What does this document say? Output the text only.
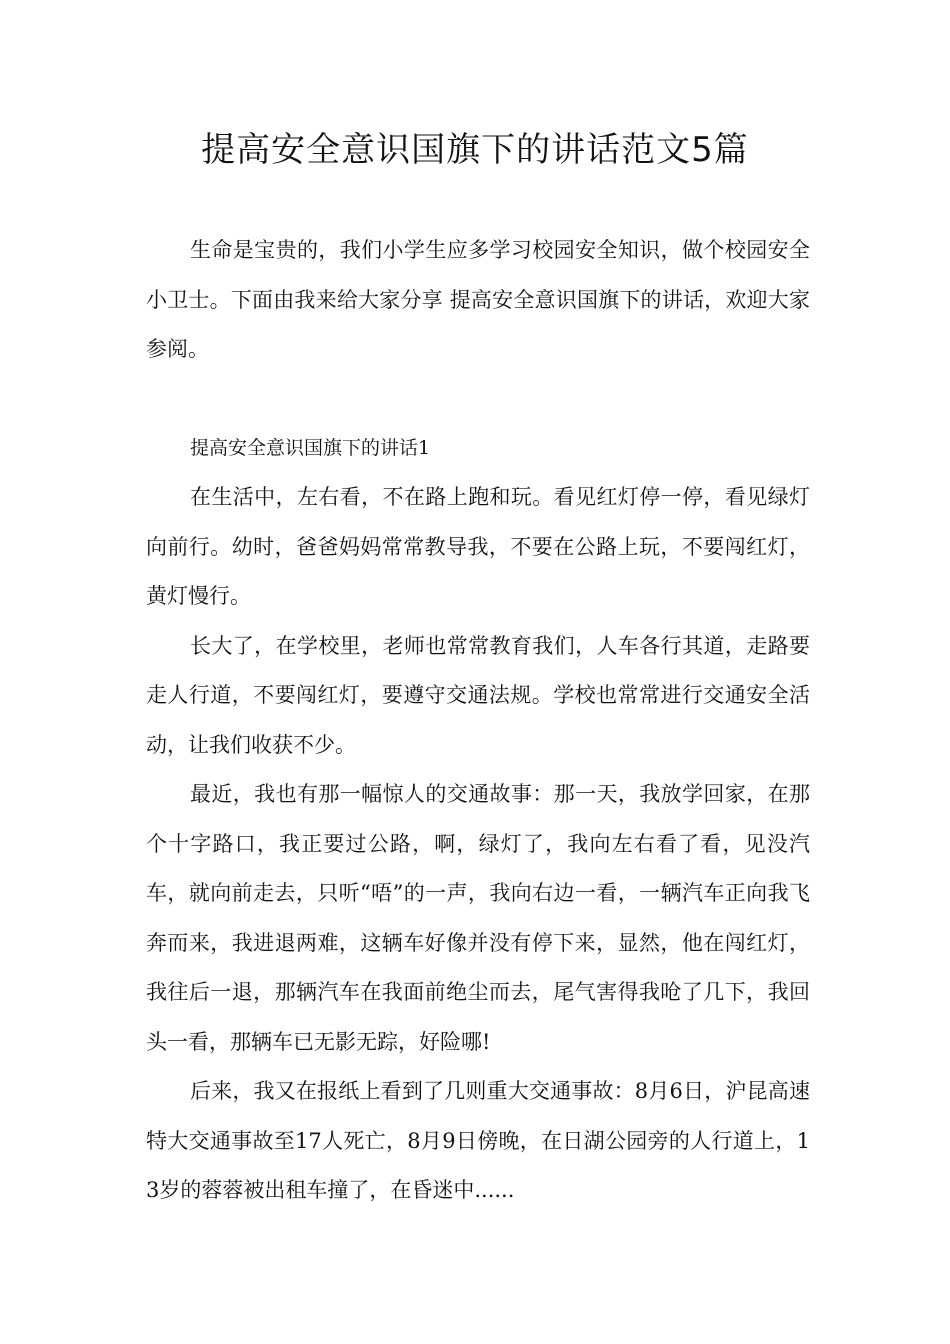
提高安全意识国旗下的讲话范文5篇

生命是宝贵的，我们小学生应多学习校园安全知识，做个校园安全小卫士。下面由我来给大家分享 提高安全意识国旗下的讲话，欢迎大家参阅。

提高安全意识国旗下的讲话1

在生活中，左右看，不在路上跑和玩。看见红灯停一停，看见绿灯向前行。幼时，爸爸妈妈常常教导我，不要在公路上玩，不要闯红灯，黄灯慢行。

长大了，在学校里，老师也常常教育我们，人车各行其道，走路要走人行道，不要闯红灯，要遵守交通法规。学校也常常进行交通安全活动，让我们收获不少。

最近，我也有那一幅惊人的交通故事：那一天，我放学回家，在那个十字路口，我正要过公路，啊，绿灯了，我向左右看了看，见没汽车，就向前走去，只听“唔”的一声，我向右边一看，一辆汽车正向我飞奔而来，我进退两难，这辆车好像并没有停下来，显然，他在闯红灯，我往后一退，那辆汽车在我面前绝尘而去，尾气害得我呛了几下，我回头一看，那辆车已无影无踪，好险哪!

后来，我又在报纸上看到了几则重大交通事故：8月6日，沪昆高速特大交通事故至17人死亡，8月9日傍晚，在日湖公园旁的人行道上，13岁的蓉蓉被出租车撞了，在昏迷中......
